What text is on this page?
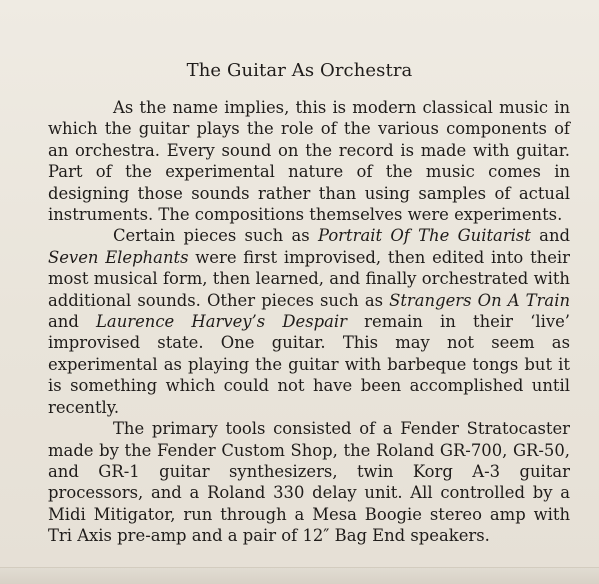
The Guitar As Orchestra

As the name implies, this is modern classical music in which the guitar plays the role of the various components of an orchestra. Every sound on the record is made with guitar. Part of the experimental nature of the music comes in designing those sounds rather than using samples of actual instruments. The compositions themselves were experiments.

Certain pieces such as Portrait Of The Guitarist and Seven Elephants were first improvised, then edited into their most musical form, then learned, and finally orchestrated with additional sounds. Other pieces such as Strangers On A Train and Laurence Harvey’s Despair remain in their ‘live’ improvised state. One guitar. This may not seem as experimental as playing the guitar with barbeque tongs but it is something which could not have been accomplished until recently.

The primary tools consisted of a Fender Stratocaster made by the Fender Custom Shop, the Roland GR-700, GR-50, and GR-1 guitar synthesizers, twin Korg A-3 guitar processors, and a Roland 330 delay unit. All controlled by a Midi Mitigator, run through a Mesa Boogie stereo amp with Tri Axis pre-amp and a pair of 12″ Bag End speakers.
